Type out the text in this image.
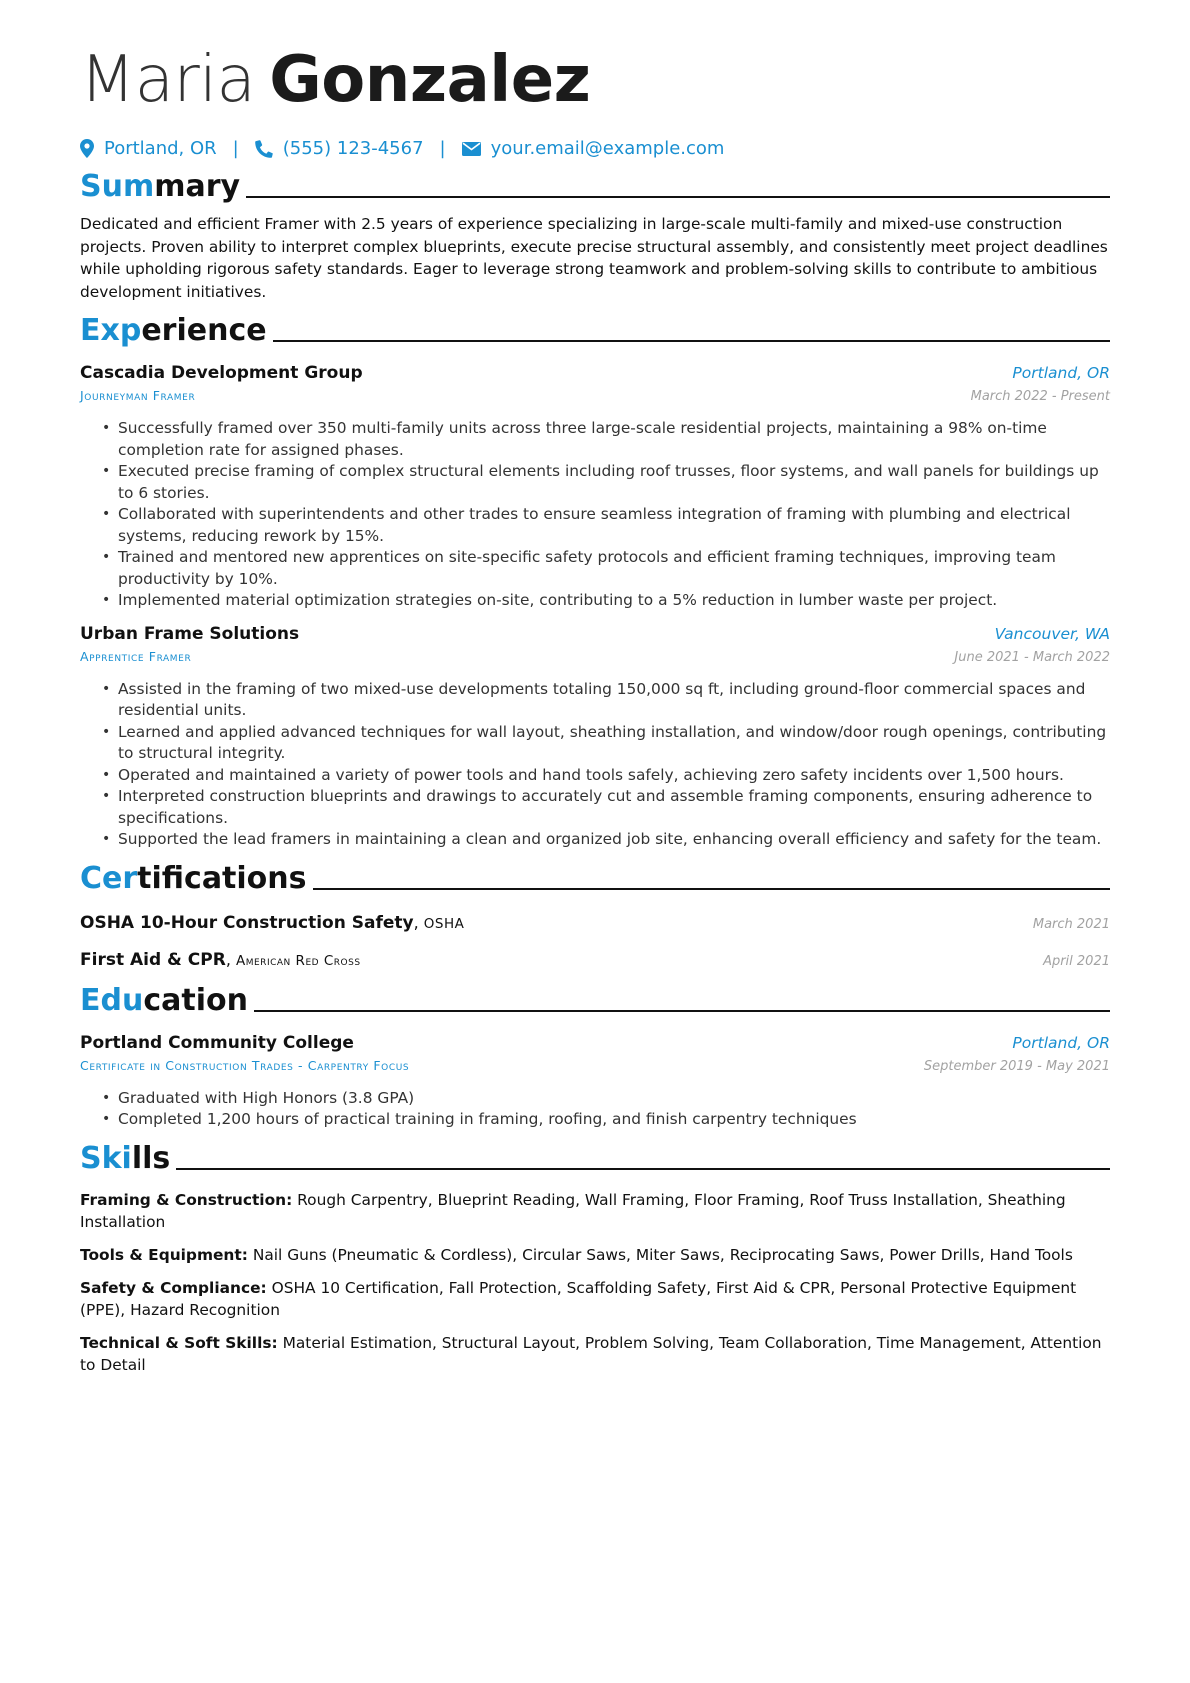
Maria Gonzalez
Portland, OR | (555) 123-4567 |	your.email@example.com
Summary

Dedicated and efficient Framer with 2.5 years of experience specializing in large-scale multi-family and mixed-use construction projects. Proven ability to interpret complex blueprints, execute precise structural assembly, and consistently meet project deadlines while upholding rigorous safety standards. Eager to leverage strong teamwork and problem-solving skills to contribute to ambitious development initiatives.

Experience
Cascadia Development Group	Portland, OR
Journeyman Framer	March 2022 - Present
• Successfully framed over 350 multi-family units across three large-scale residential projects, maintaining a 98% on-time completion rate for assigned phases.
• Executed precise framing of complex structural elements including roof trusses, floor systems, and wall panels for buildings up to 6 stories.
• Collaborated with superintendents and other trades to ensure seamless integration of framing with plumbing and electrical systems, reducing rework by 15%.
• Trained and mentored new apprentices on site-specific safety protocols and efficient framing techniques, improving team productivity by 10%.
• Implemented material optimization strategies on-site, contributing to a 5% reduction in lumber waste per project.
Urban Frame Solutions	Vancouver, WA
Apprentice Framer	June 2021 - March 2022
• Assisted in the framing of two mixed-use developments totaling 150,000 sq ft, including ground-floor commercial spaces and residential units.
• Learned and applied advanced techniques for wall layout, sheathing installation, and window/door rough openings, contributing to structural integrity.
• Operated and maintained a variety of power tools and hand tools safely, achieving zero safety incidents over 1,500 hours.
• Interpreted construction blueprints and drawings to accurately cut and assemble framing components, ensuring adherence to specifications.
• Supported the lead framers in maintaining a clean and organized job site, enhancing overall efficiency and safety for the team.
Certifications
OSHA 10-Hour Construction Safety, OSHA	March 2021
First Aid & CPR, American Red Cross	April 2021
Education
Portland Community College	Portland, OR
Certificate in Construction Trades - Carpentry Focus	September 2019 - May 2021
• Graduated with High Honors (3.8 GPA)
• Completed 1,200 hours of practical training in framing, roofing, and finish carpentry techniques
Skills
Framing & Construction: Rough Carpentry, Blueprint Reading, Wall Framing, Floor Framing, Roof Truss Installation, Sheathing Installation
Tools & Equipment: Nail Guns (Pneumatic & Cordless), Circular Saws, Miter Saws, Reciprocating Saws, Power Drills, Hand Tools
Safety & Compliance: OSHA 10 Certification, Fall Protection, Scaffolding Safety, First Aid & CPR, Personal Protective Equipment (PPE), Hazard Recognition
Technical & Soft Skills: Material Estimation, Structural Layout, Problem Solving, Team Collaboration, Time Management, Attention to Detail
